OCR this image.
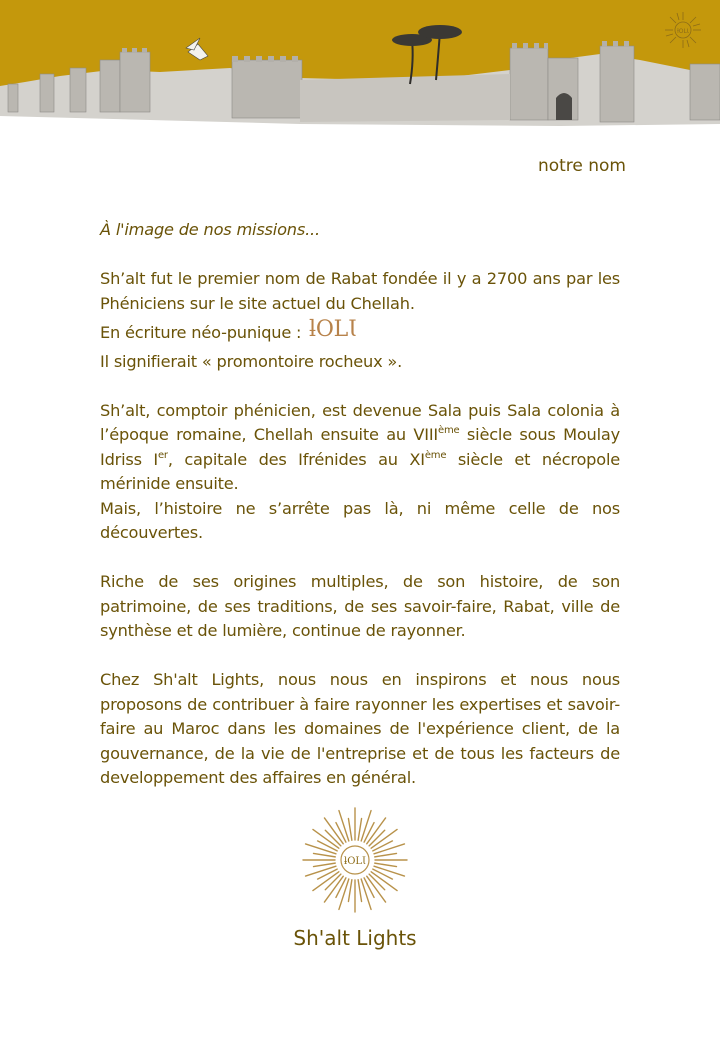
ƚOLƖ
notre nom

À l'image de nos missions...

Sh’alt fut le premier nom de Rabat fondée il y a 2700 ans par les Phéniciens sur le site actuel du Chellah.

En écriture néo-punique : ƚOLƖ

Il signifierait « promontoire rocheux ».

Sh’alt, comptoir phénicien, est devenue Sala puis Sala colonia à l’époque romaine, Chellah ensuite au VIIIème siècle sous Moulay Idriss Ier, capitale des Ifrénides au XIème siècle et nécropole mérinide ensuite.

Mais, l’histoire ne s’arrête pas là, ni même celle de nos découvertes.

Riche de ses origines multiples, de son histoire, de son patrimoine, de ses traditions, de ses savoir-faire, Rabat, ville de synthèse et de lumière, continue de rayonner.

Chez Sh'alt Lights, nous nous en inspirons et nous nous proposons de contribuer à faire rayonner les expertises et savoir-faire au Maroc dans les domaines de l'expérience client, de la gouvernance, de la vie de l'entreprise et de tous les facteurs de developpement des affaires en général.

ƚOLƖ
Sh'alt Lights
